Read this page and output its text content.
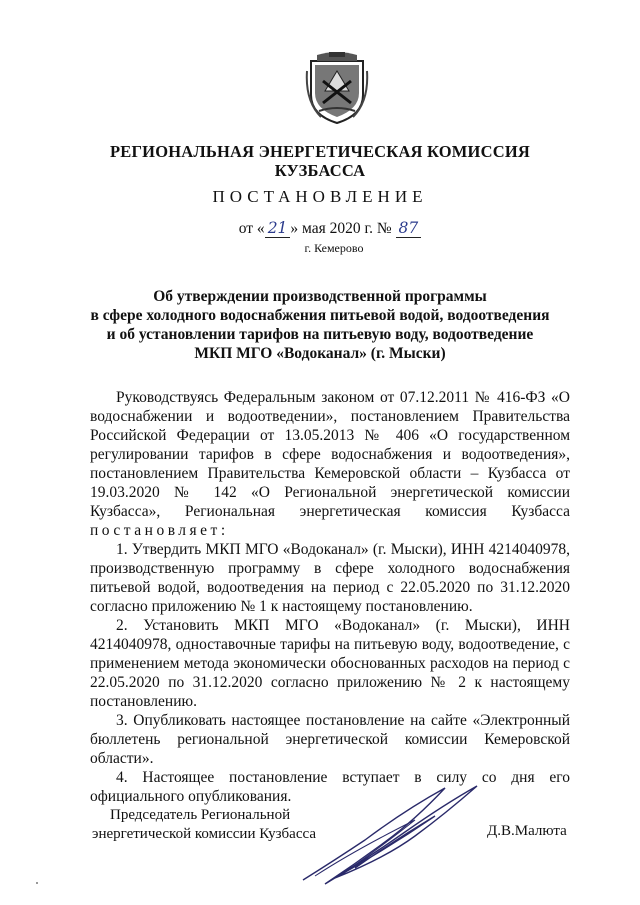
РЕГИОНАЛЬНАЯ ЭНЕРГЕТИЧЕСКАЯ КОМИССИЯ
КУЗБАССА
ПОСТАНОВЛЕНИЕ
от « 21 » мая 2020 г. № 87
г. Кемерово
Об утверждении производственной программы
в сфере холодного водоснабжения питьевой водой, водоотведения
и об установлении тарифов на питьевую воду, водоотведение
МКП МГО «Водоканал» (г. Мыски)

Руководствуясь Федеральным законом от 07.12.2011 № 416-ФЗ «О водоснабжении и водоотведении», постановлением Правительства Российской Федерации от 13.05.2013 № 406 «О государственном регулировании тарифов в сфере водоснабжения и водоотведения», постановлением Правительства Кемеровской области – Кузбасса от 19.03.2020 № 142 «О Региональной энергетической комиссии Кузбасса», Региональная энергетическая комиссия Кузбасса постановляет:

1. Утвердить МКП МГО «Водоканал» (г. Мыски), ИНН 4214040978, производственную программу в сфере холодного водоснабжения питьевой водой, водоотведения на период с 22.05.2020 по 31.12.2020 согласно приложению № 1 к настоящему постановлению.

2. Установить МКП МГО «Водоканал» (г. Мыски), ИНН 4214040978, одноставочные тарифы на питьевую воду, водоотведение, с применением метода экономически обоснованных расходов на период с 22.05.2020 по 31.12.2020 согласно приложению № 2 к настоящему постановлению.

3. Опубликовать настоящее постановление на сайте «Электронный бюллетень региональной энергетической комиссии Кемеровской области».

4. Настоящее постановление вступает в силу со дня его официального опубликования.

Председатель Региональной
энергетической комиссии Кузбасса	Д.В.Малюта
